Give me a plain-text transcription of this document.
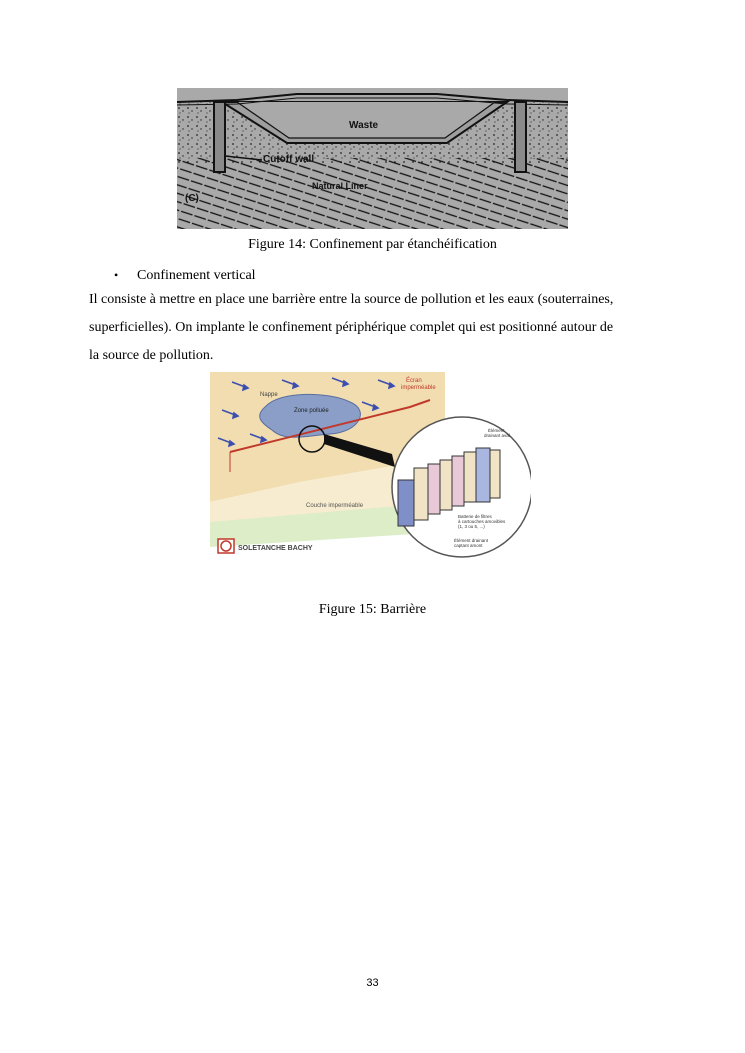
Waste
Cutoff wall
Natural Liner
(C)
Figure 14: Confinement par étanchéification
• Confinement vertical
Il consiste à mettre en place une barrière entre la source de pollution et les eaux (souterraines,
superficielles). On implante le confinement périphérique complet qui est positionné autour de
la source de pollution.
Nappe
Zone polluée
Écran
imperméable
Couche imperméable
Élément
drainant aval
Batterie de filtres
à cartouches amovibles
(1, 3 ou 5, ...)
Élément drainant
captant amont
SOLETANCHE BACHY
Figure 15: Barrière
33
